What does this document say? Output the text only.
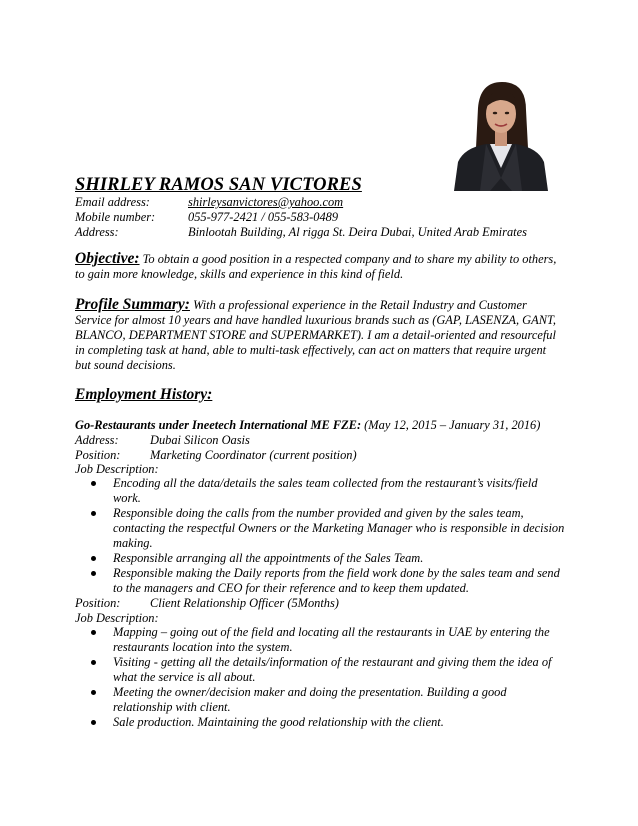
SHIRLEY RAMOS SAN VICTORES
Email address:	shirleysanvictores@yahoo.com
Mobile number:	055-977-2421 / 055-583-0489
Address:	Binlootah Building, Al rigga St. Deira Dubai, United Arab Emirates
Objective: To obtain a good position in a respected company and to share my ability to others, to gain more knowledge, skills and experience in this kind of field.
Profile Summary: With a professional experience in the Retail Industry and Customer Service for almost 10 years and have handled luxurious brands such as (GAP, LASENZA, GANT, BLANCO, DEPARTMENT STORE and SUPERMARKET). I am a detail-oriented and resourceful in completing task at hand, able to multi-task effectively, can act on matters that require urgent but sound decisions.
Employment History:
Go-Restaurants under Ineetech International ME FZE: (May 12, 2015 – January 31, 2016)
Address:	Dubai Silicon Oasis
Position: Marketing Coordinator (current position)
Job Description:
Encoding all the data/details the sales team collected from the restaurant’s visits/field work.
Responsible doing the calls from the number provided and given by the sales team, contacting the respectful Owners or the Marketing Manager who is responsible in decision making.
Responsible arranging all the appointments of the Sales Team.
Responsible making the Daily reports from the field work done by the sales team and send to the managers and CEO for their reference and to keep them updated.
Position: Client Relationship Officer (5Months)
Job Description:
Mapping – going out of the field and locating all the restaurants in UAE by entering the restaurants location into the system.
Visiting - getting all the details/information of the restaurant and giving them the idea of what the service is all about.
Meeting the owner/decision maker and doing the presentation. Building a good relationship with client.
Sale production. Maintaining the good relationship with the client.
